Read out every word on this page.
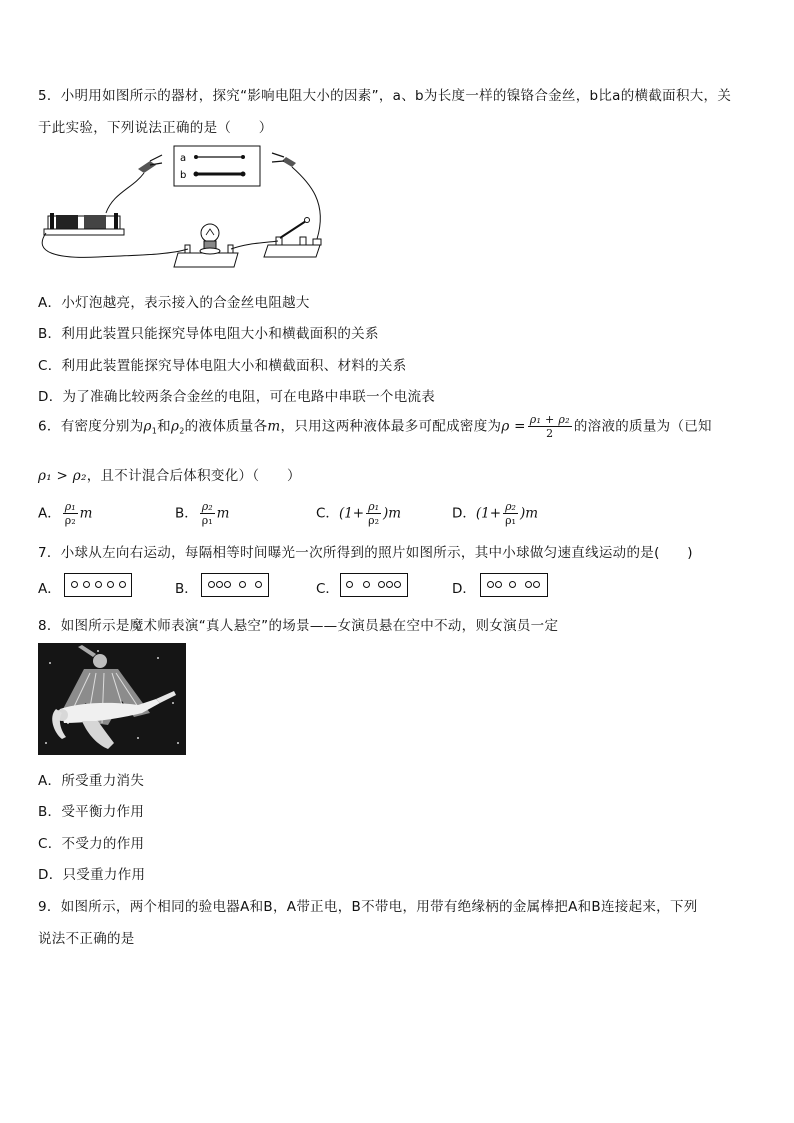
5．小明用如图所示的器材，探究“影响电阻大小的因素”，a、b为长度一样的镍铬合金丝，b比a的横截面积大，关
于此实验，下列说法正确的是（　　）
a
b
A．小灯泡越亮，表示接入的合金丝电阻越大
B．利用此装置只能探究导体电阻大小和横截面积的关系
C．利用此装置能探究导体电阻大小和横截面积、材料的关系
D．为了准确比较两条合金丝的电阻，可在电路中串联一个电流表
6．有密度分别为$\rho_1$和$\rho_2$的液体质量各m，只用这两种液体最多可配成密度为$\rho = \frac{\text{ρ₁ + ρ₂}}{2}$ 的溶液的质量为（已知
ρ₁ > ρ₂，且不计混合后体积变化）（　　）
A． $\frac{\text{ρ₁}}{\text{ρ₂}}$ m	B． $\frac{\text{ρ₂}}{\text{ρ₁}}$ m	C．$(1+ \frac{\text{ρ₁}}{\text{ρ₂}} )m$	D．$(1+ \frac{\text{ρ₂}}{\text{ρ₁}} )m$
7．小球从左向右运动，每隔相等时间曝光一次所得到的照片如图所示，其中小球做匀速直线运动的是(　　)
A．	B．	C．	D．
8．如图所示是魔术师表演“真人悬空”的场景——女演员悬在空中不动，则女演员一定
A．所受重力消失
B．受平衡力作用
C．不受力的作用
D．只受重力作用
9．如图所示，两个相同的验电器A和B，A带正电，B不带电，用带有绝缘柄的金属棒把A和B连接起来，下列
说法不正确的是
